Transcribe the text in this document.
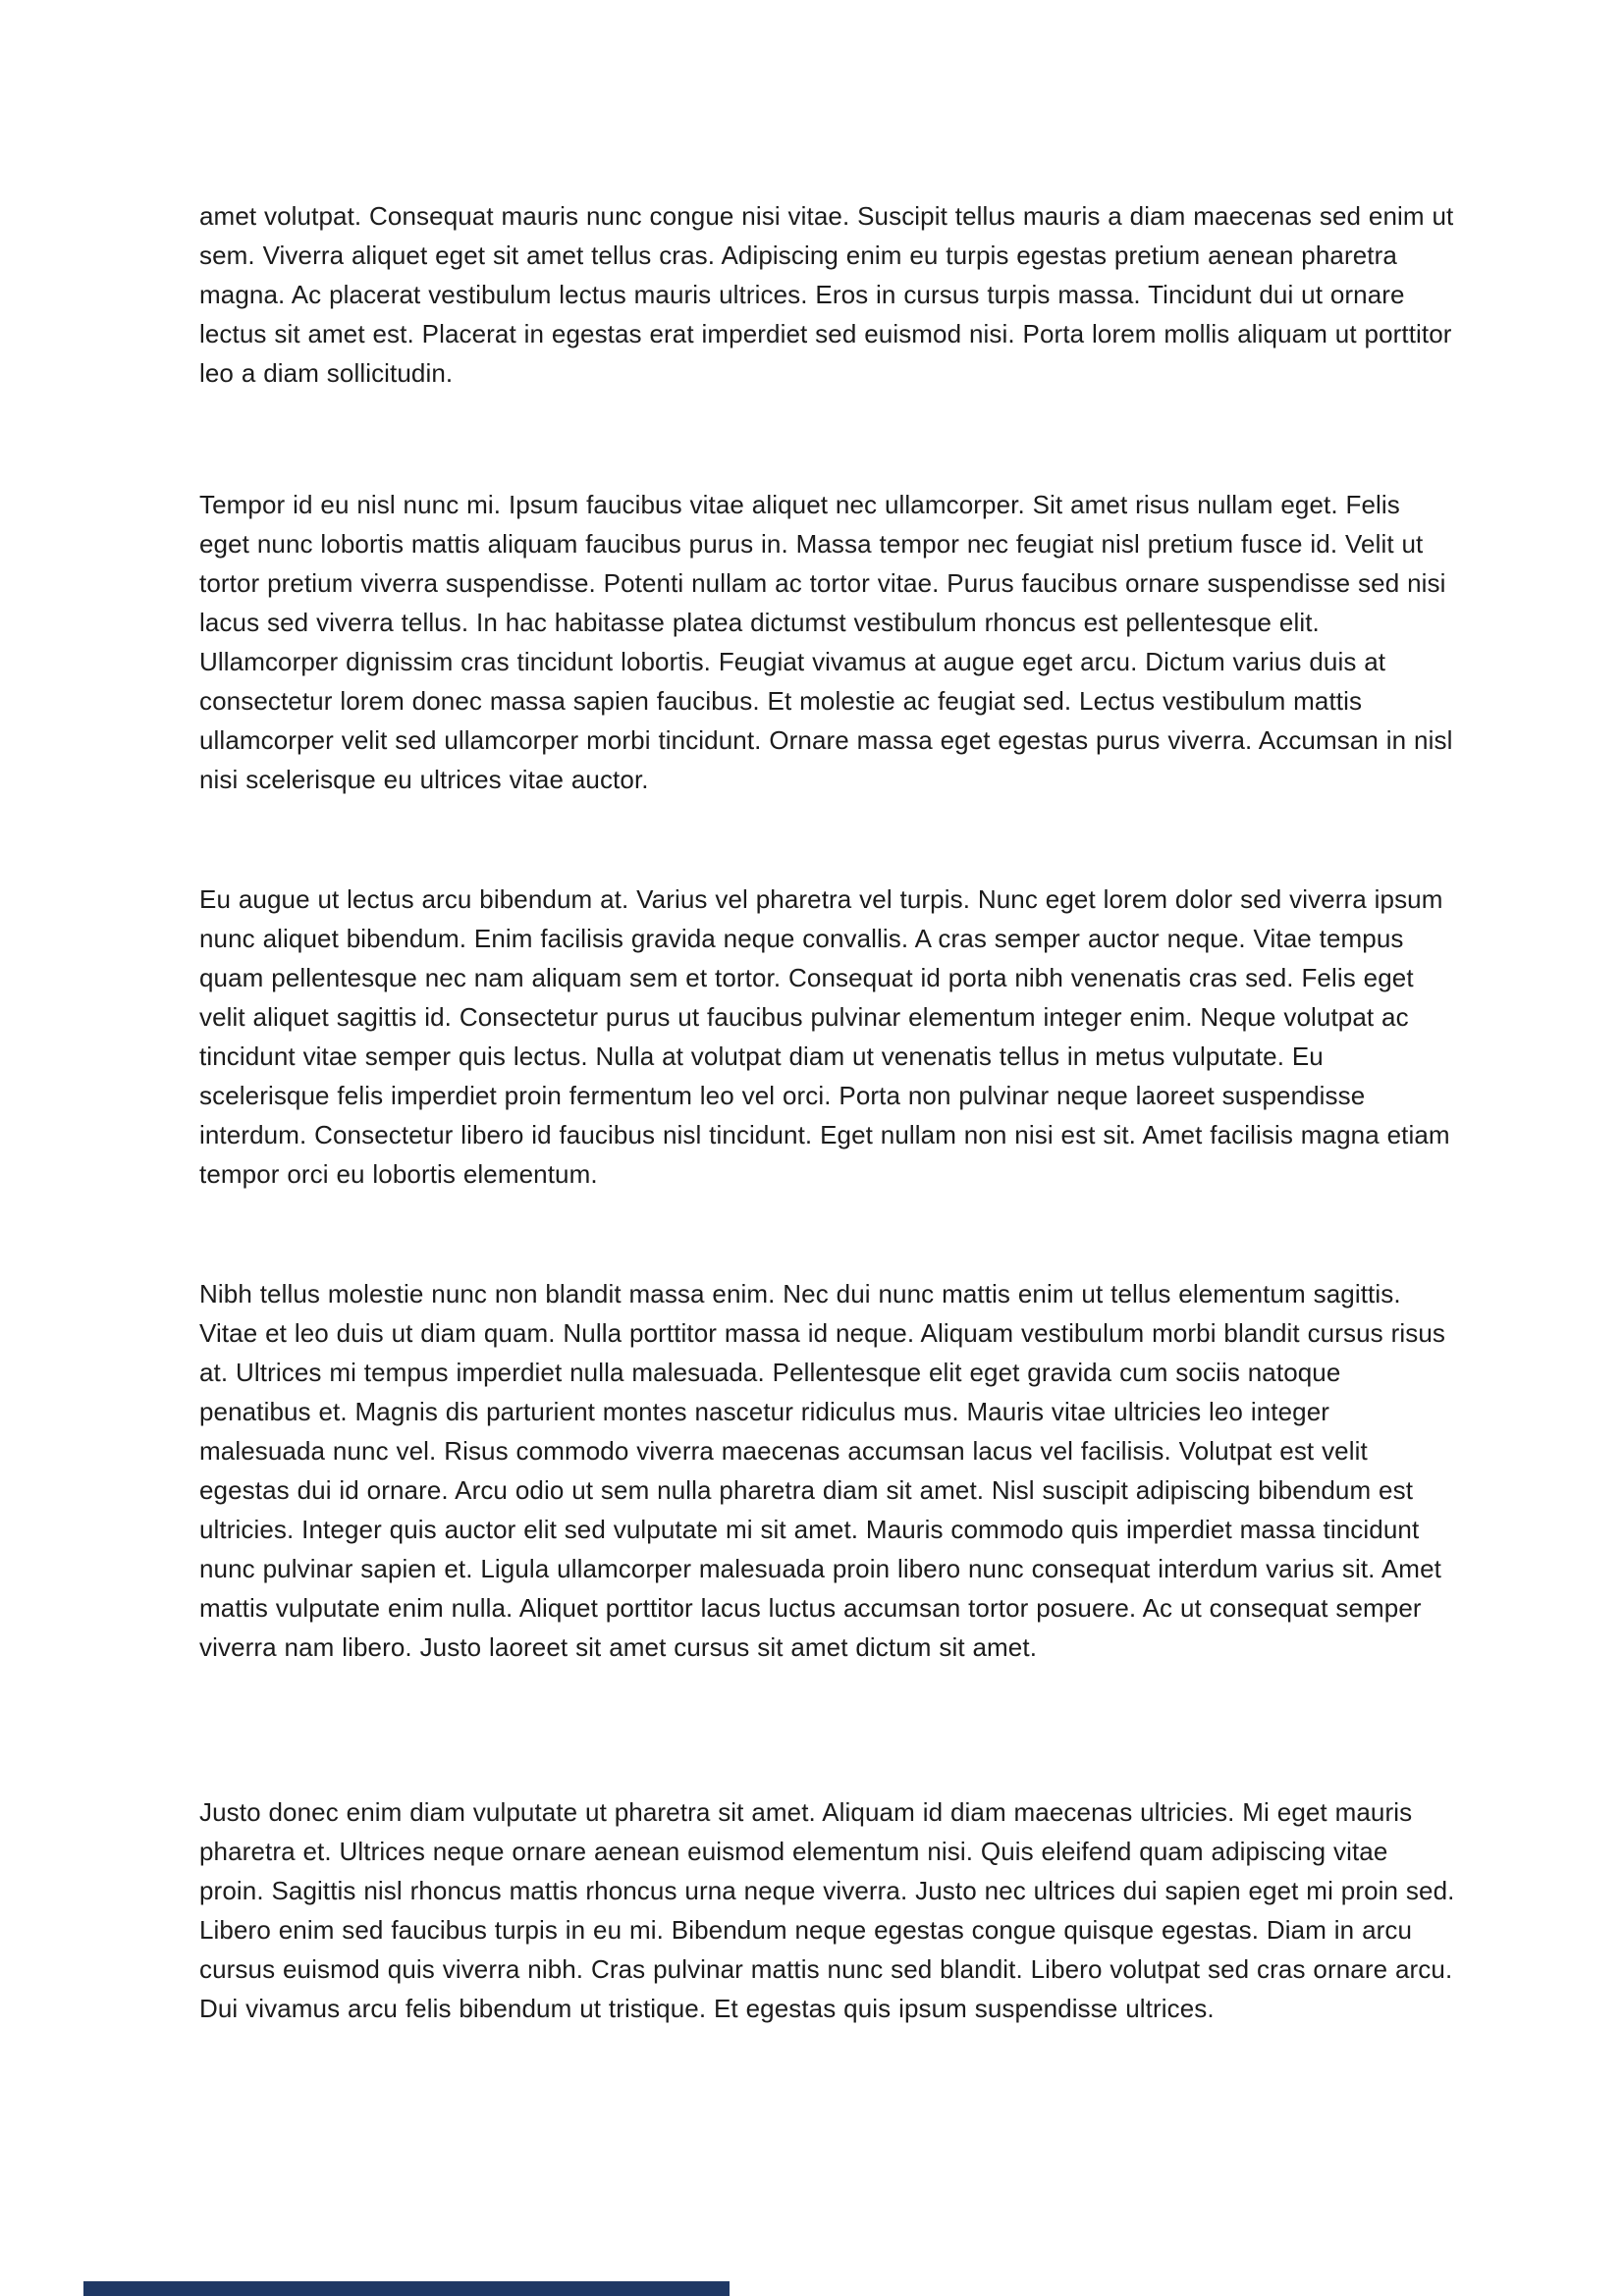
amet volutpat. Consequat mauris nunc congue nisi vitae. Suscipit tellus mauris a diam maecenas sed enim ut sem. Viverra aliquet eget sit amet tellus cras. Adipiscing enim eu turpis egestas pretium aenean pharetra magna. Ac placerat vestibulum lectus mauris ultrices. Eros in cursus turpis massa. Tincidunt dui ut ornare lectus sit amet est. Placerat in egestas erat imperdiet sed euismod nisi. Porta lorem mollis aliquam ut porttitor leo a diam sollicitudin.

Tempor id eu nisl nunc mi. Ipsum faucibus vitae aliquet nec ullamcorper. Sit amet risus nullam eget. Felis eget nunc lobortis mattis aliquam faucibus purus in. Massa tempor nec feugiat nisl pretium fusce id. Velit ut tortor pretium viverra suspendisse. Potenti nullam ac tortor vitae. Purus faucibus ornare suspendisse sed nisi lacus sed viverra tellus. In hac habitasse platea dictumst vestibulum rhoncus est pellentesque elit. Ullamcorper dignissim cras tincidunt lobortis. Feugiat vivamus at augue eget arcu. Dictum varius duis at consectetur lorem donec massa sapien faucibus. Et molestie ac feugiat sed. Lectus vestibulum mattis ullamcorper velit sed ullamcorper morbi tincidunt. Ornare massa eget egestas purus viverra. Accumsan in nisl nisi scelerisque eu ultrices vitae auctor.

Eu augue ut lectus arcu bibendum at. Varius vel pharetra vel turpis. Nunc eget lorem dolor sed viverra ipsum nunc aliquet bibendum. Enim facilisis gravida neque convallis. A cras semper auctor neque. Vitae tempus quam pellentesque nec nam aliquam sem et tortor. Consequat id porta nibh venenatis cras sed. Felis eget velit aliquet sagittis id. Consectetur purus ut faucibus pulvinar elementum integer enim. Neque volutpat ac tincidunt vitae semper quis lectus. Nulla at volutpat diam ut venenatis tellus in metus vulputate. Eu scelerisque felis imperdiet proin fermentum leo vel orci. Porta non pulvinar neque laoreet suspendisse interdum. Consectetur libero id faucibus nisl tincidunt. Eget nullam non nisi est sit. Amet facilisis magna etiam tempor orci eu lobortis elementum.

Nibh tellus molestie nunc non blandit massa enim. Nec dui nunc mattis enim ut tellus elementum sagittis. Vitae et leo duis ut diam quam. Nulla porttitor massa id neque. Aliquam vestibulum morbi blandit cursus risus at. Ultrices mi tempus imperdiet nulla malesuada. Pellentesque elit eget gravida cum sociis natoque penatibus et. Magnis dis parturient montes nascetur ridiculus mus. Mauris vitae ultricies leo integer malesuada nunc vel. Risus commodo viverra maecenas accumsan lacus vel facilisis. Volutpat est velit egestas dui id ornare. Arcu odio ut sem nulla pharetra diam sit amet. Nisl suscipit adipiscing bibendum est ultricies. Integer quis auctor elit sed vulputate mi sit amet. Mauris commodo quis imperdiet massa tincidunt nunc pulvinar sapien et. Ligula ullamcorper malesuada proin libero nunc consequat interdum varius sit. Amet mattis vulputate enim nulla. Aliquet porttitor lacus luctus accumsan tortor posuere. Ac ut consequat semper viverra nam libero. Justo laoreet sit amet cursus sit amet dictum sit amet.

Justo donec enim diam vulputate ut pharetra sit amet. Aliquam id diam maecenas ultricies. Mi eget mauris pharetra et. Ultrices neque ornare aenean euismod elementum nisi. Quis eleifend quam adipiscing vitae proin. Sagittis nisl rhoncus mattis rhoncus urna neque viverra. Justo nec ultrices dui sapien eget mi proin sed. Libero enim sed faucibus turpis in eu mi. Bibendum neque egestas congue quisque egestas. Diam in arcu cursus euismod quis viverra nibh. Cras pulvinar mattis nunc sed blandit. Libero volutpat sed cras ornare arcu. Dui vivamus arcu felis bibendum ut tristique. Et egestas quis ipsum suspendisse ultrices.
